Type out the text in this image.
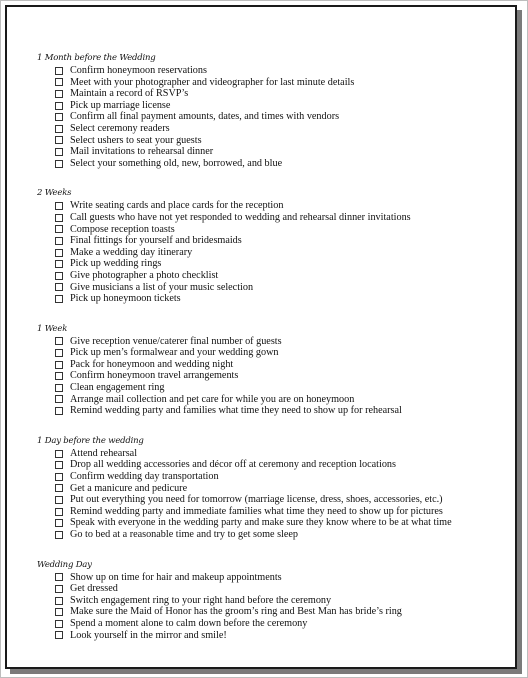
1 Month before the Wedding
Confirm honeymoon reservations
Meet with your photographer and videographer for last minute details
Maintain a record of RSVP’s
Pick up marriage license
Confirm all final payment amounts, dates, and times with vendors
Select ceremony readers
Select ushers to seat your guests
Mail invitations to rehearsal dinner
Select your something old, new, borrowed, and blue
2 Weeks
Write seating cards and place cards for the reception
Call guests who have not yet responded to wedding and rehearsal dinner invitations
Compose reception toasts
Final fittings for yourself and bridesmaids
Make a wedding day itinerary
Pick up wedding rings
Give photographer a photo checklist
Give musicians a list of your music selection
Pick up honeymoon tickets
1 Week
Give reception venue/caterer final number of guests
Pick up men’s formalwear and your wedding gown
Pack for honeymoon and wedding night
Confirm honeymoon travel arrangements
Clean engagement ring
Arrange mail collection and pet care for while you are on honeymoon
Remind wedding party and families what time they need to show up for rehearsal
1 Day before the wedding
Attend rehearsal
Drop all wedding accessories and décor off at ceremony and reception locations
Confirm wedding day transportation
Get a manicure and pedicure
Put out everything you need for tomorrow (marriage license, dress, shoes, accessories, etc.)
Remind wedding party and immediate families what time they need to show up for pictures
Speak with everyone in the wedding party and make sure they know where to be at what time
Go to bed at a reasonable time and try to get some sleep
Wedding Day
Show up on time for hair and makeup appointments
Get dressed
Switch engagement ring to your right hand before the ceremony
Make sure the Maid of Honor has the groom’s ring and Best Man has bride’s ring
Spend a moment alone to calm down before the ceremony
Look yourself in the mirror and smile!
